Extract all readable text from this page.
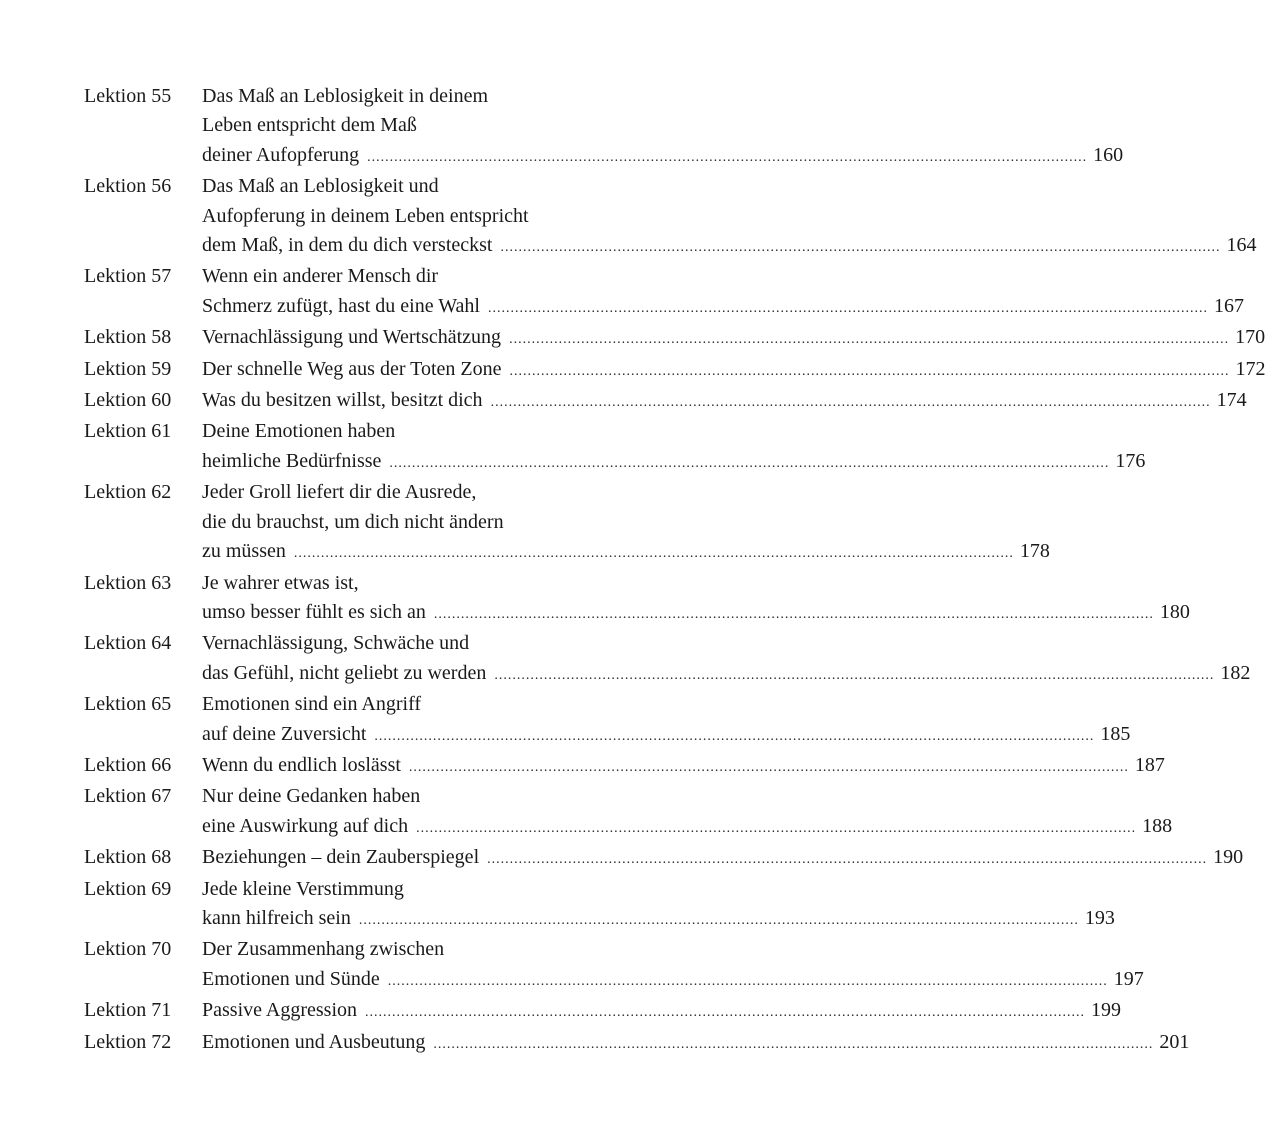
Lektion 55	Das Maß an Leblosigkeit in deinem
Leben entspricht dem Maß
deiner Aufopferung ................................................................................................................................................................ 160
Lektion 56	Das Maß an Leblosigkeit und
Aufopferung in deinem Leben entspricht
dem Maß, in dem du dich versteckst ................................................................................................................................................................ 164
Lektion 57	Wenn ein anderer Mensch dir
Schmerz zufügt, hast du eine Wahl ................................................................................................................................................................ 167
Lektion 58	Vernachlässigung und Wertschätzung ................................................................................................................................................................ 170
Lektion 59	Der schnelle Weg aus der Toten Zone ................................................................................................................................................................ 172
Lektion 60	Was du besitzen willst, besitzt dich ................................................................................................................................................................ 174
Lektion 61	Deine Emotionen haben
heimliche Bedürfnisse ................................................................................................................................................................ 176
Lektion 62	Jeder Groll liefert dir die Ausrede,
die du brauchst, um dich nicht ändern
zu müssen ................................................................................................................................................................ 178
Lektion 63	Je wahrer etwas ist,
umso besser fühlt es sich an ................................................................................................................................................................ 180
Lektion 64	Vernachlässigung, Schwäche und
das Gefühl, nicht geliebt zu werden ................................................................................................................................................................ 182
Lektion 65	Emotionen sind ein Angriff
auf deine Zuversicht ................................................................................................................................................................ 185
Lektion 66	Wenn du endlich loslässt ................................................................................................................................................................ 187
Lektion 67	Nur deine Gedanken haben
eine Auswirkung auf dich ................................................................................................................................................................ 188
Lektion 68	Beziehungen – dein Zauberspiegel ................................................................................................................................................................ 190
Lektion 69	Jede kleine Verstimmung
kann hilfreich sein ................................................................................................................................................................ 193
Lektion 70	Der Zusammenhang zwischen
Emotionen und Sünde ................................................................................................................................................................ 197
Lektion 71	Passive Aggression ................................................................................................................................................................ 199
Lektion 72	Emotionen und Ausbeutung ................................................................................................................................................................ 201
